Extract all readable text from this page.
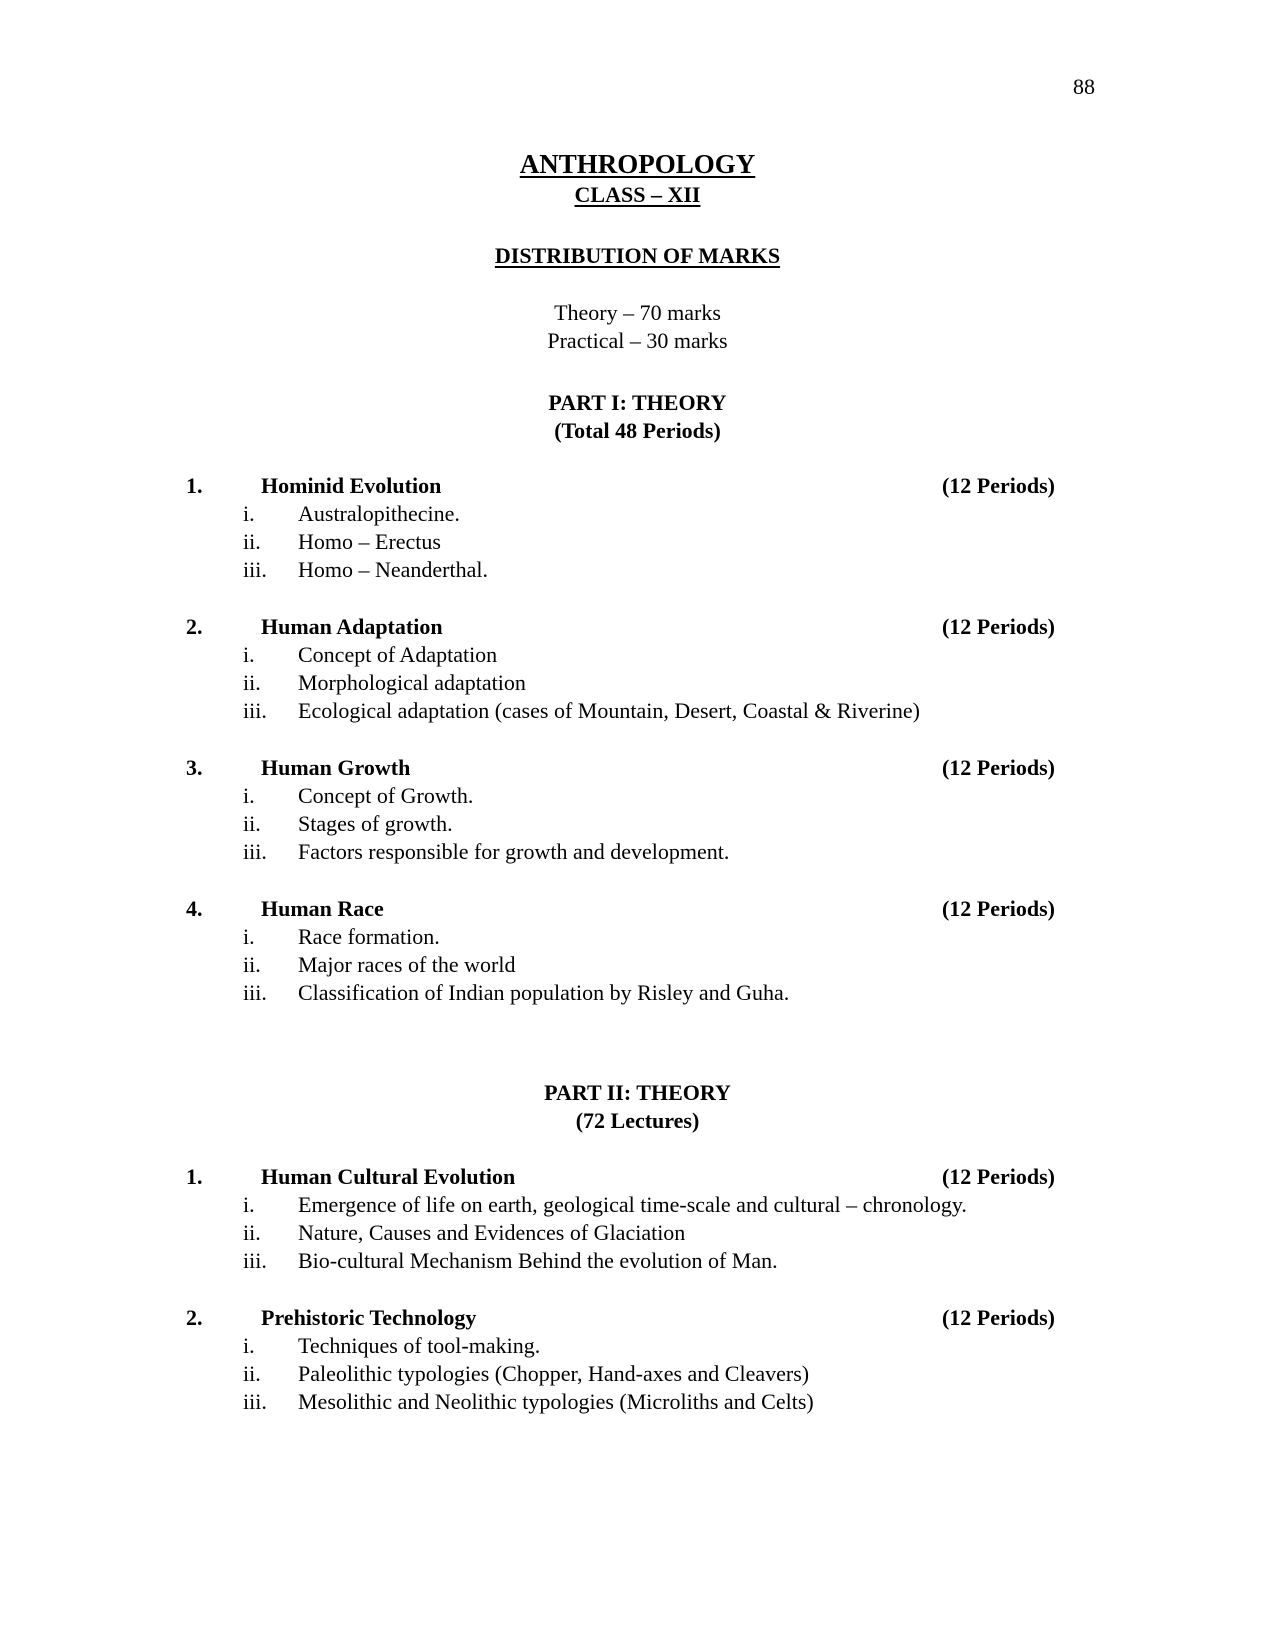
88
ANTHROPOLOGY
CLASS – XII
DISTRIBUTION OF MARKS
Theory – 70 marks
Practical – 30 marks
PART I: THEORY
(Total 48 Periods)
1.	Hominid Evolution	(12 Periods)
i. Australopithecine.
ii. Homo – Erectus
iii. Homo – Neanderthal.
2.	Human Adaptation	(12 Periods)
i. Concept of Adaptation
ii. Morphological adaptation
iii. Ecological adaptation (cases of Mountain, Desert, Coastal & Riverine)
3.	Human Growth	(12 Periods)
i. Concept of Growth.
ii. Stages of growth.
iii. Factors responsible for growth and development.
4.	Human Race	(12 Periods)
i. Race formation.
ii. Major races of the world
iii. Classification of Indian population by Risley and Guha.
PART II: THEORY
(72 Lectures)
1.	Human Cultural Evolution	(12 Periods)
i. Emergence of life on earth, geological time-scale and cultural – chronology.
ii. Nature, Causes and Evidences of Glaciation
iii. Bio-cultural Mechanism Behind the evolution of Man.
2.	Prehistoric Technology	(12 Periods)
i. Techniques of tool-making.
ii. Paleolithic typologies (Chopper, Hand-axes and Cleavers)
iii. Mesolithic and Neolithic typologies (Microliths and Celts)
